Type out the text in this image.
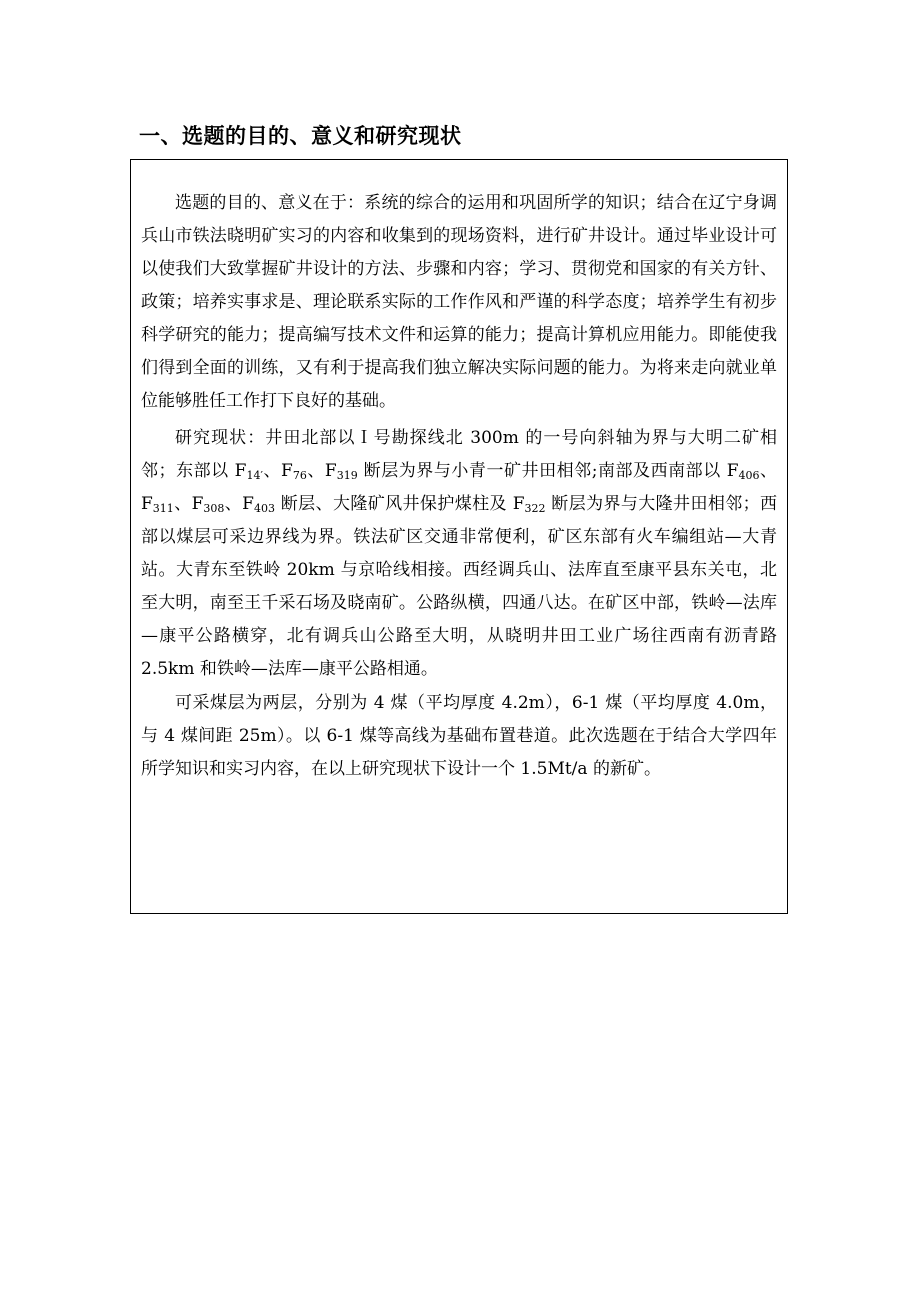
一、选题的目的、意义和研究现状

选题的目的、意义在于：系统的综合的运用和巩固所学的知识；结合在辽宁身调兵山市铁法晓明矿实习的内容和收集到的现场资料，进行矿井设计。通过毕业设计可以使我们大致掌握矿井设计的方法、步骤和内容；学习、贯彻党和国家的有关方针、政策；培养实事求是、理论联系实际的工作作风和严谨的科学态度；培养学生有初步科学研究的能力；提高编写技术文件和运算的能力；提高计算机应用能力。即能使我们得到全面的训练，又有利于提高我们独立解决实际问题的能力。为将来走向就业单位能够胜任工作打下良好的基础。

研究现状：井田北部以Ｉ号勘探线北 300m 的一号向斜轴为界与大明二矿相邻；东部以 $F_{14}'$、$F_{76}$、$F_{319}$ 断层为界与小青一矿井田相邻;南部及西南部以 $F_{406}$、$F_{311}$、$F_{308}$、$F_{403}$ 断层、大隆矿风井保护煤柱及 $F_{322}$ 断层为界与大隆井田相邻；西部以煤层可采边界线为界。铁法矿区交通非常便利，矿区东部有火车编组站—大青站。大青东至铁岭 20km 与京哈线相接。西经调兵山、法库直至康平县东关屯，北至大明，南至王千采石场及晓南矿。公路纵横，四通八达。在矿区中部，铁岭—法库—康平公路横穿，北有调兵山公路至大明，从晓明井田工业广场往西南有沥青路 2.5km 和铁岭—法库—康平公路相通。

可采煤层为两层，分别为 4 煤（平均厚度 4.2m），6-1 煤（平均厚度 4.0m，与 4 煤间距 25m）。以 6-1 煤等高线为基础布置巷道。此次选题在于结合大学四年所学知识和实习内容，在以上研究现状下设计一个 1.5Mt/a 的新矿。
